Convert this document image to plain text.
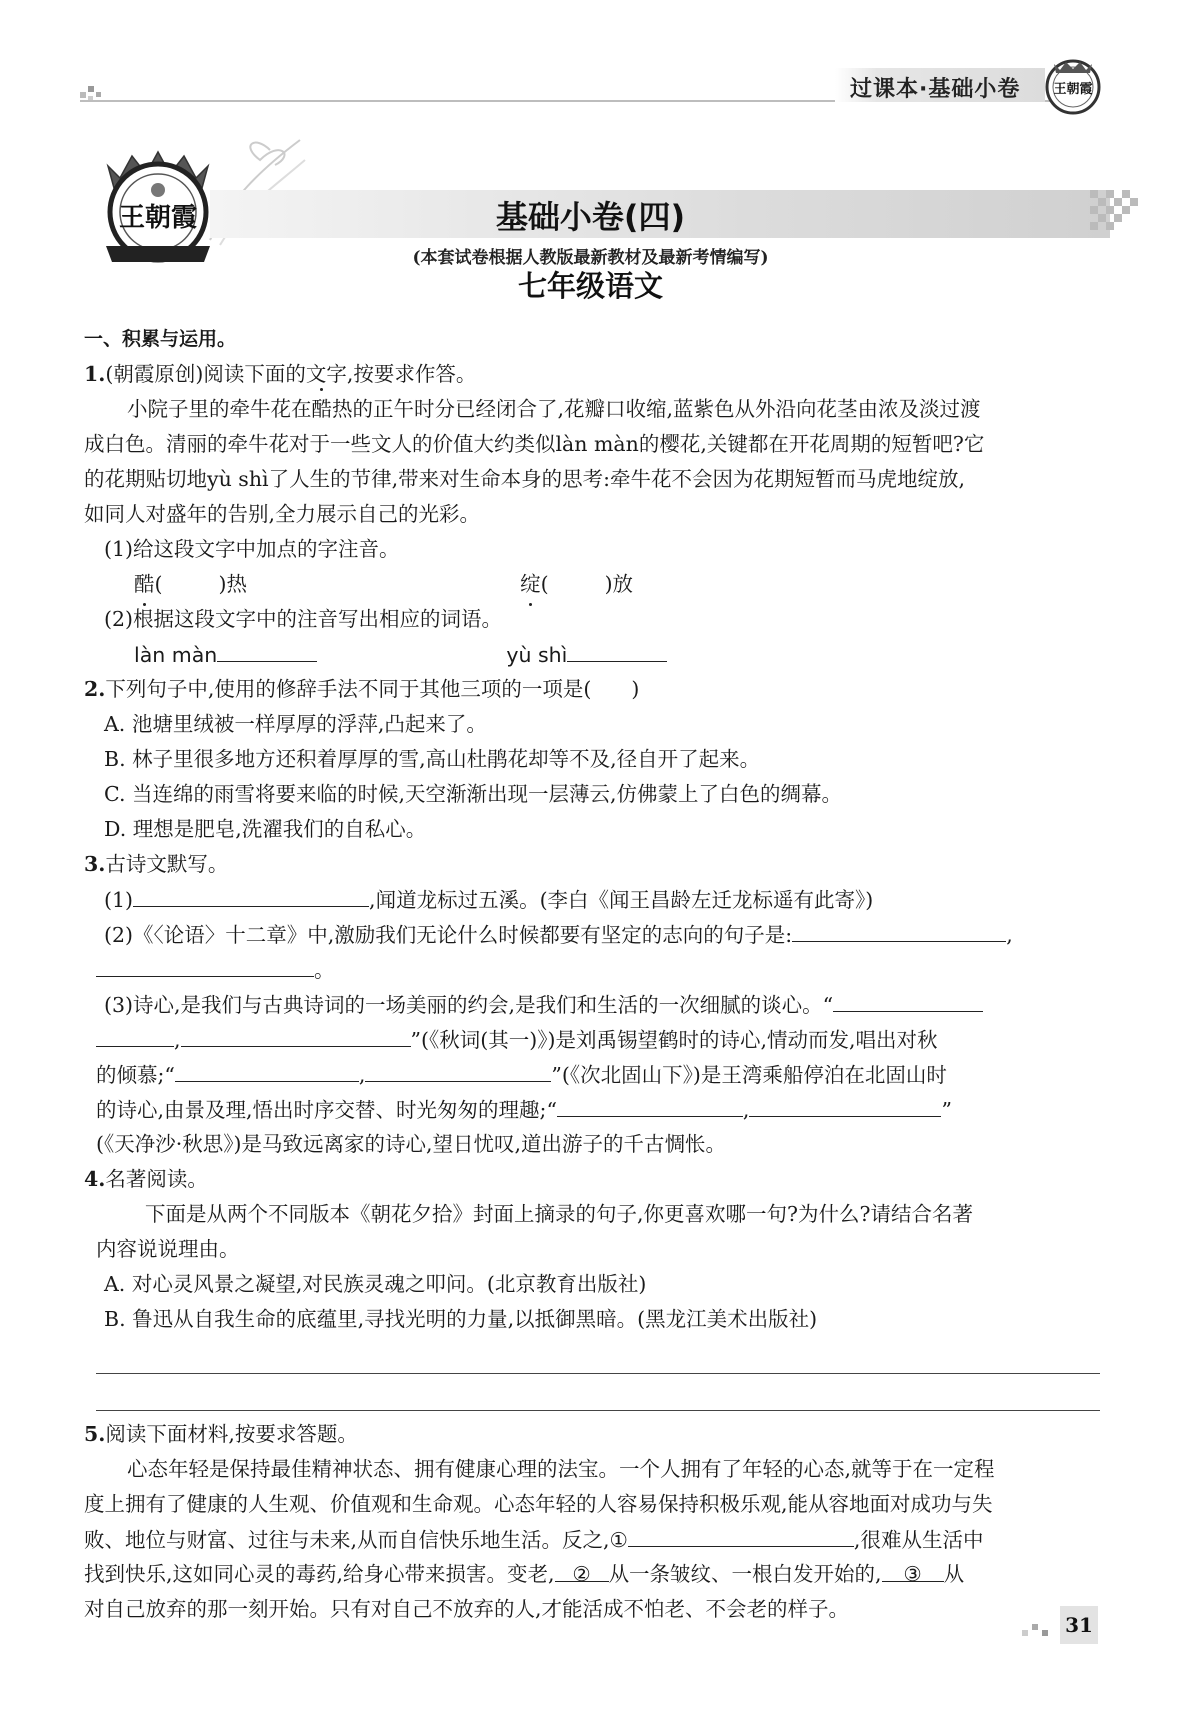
过课本·基础小卷	王朝霞
王朝霞	基础小卷(四)
(本套试卷根据人教版最新教材及最新考情编写)
七年级语文
一、积累与运用。
1.(朝霞原创)阅读下面的文字,按要求作答。
小院子里的牵牛花在酷热的正午时分已经闭合了,花瓣口收缩,蓝紫色从外沿向花茎由浓及淡过渡
成白色。清丽的牵牛花对于一些文人的价值大约类似làn màn的樱花,关键都在开花周期的短暂吧?它
的花期贴切地yù shì了人生的节律,带来对生命本身的思考:牵牛花不会因为花期短暂而马虎地绽放,
如同人对盛年的告别,全力展示自己的光彩。
(1)给这段文字中加点的字注音。
酷(	)热	绽(	)放
(2)根据这段文字中的注音写出相应的词语。
làn màn	yù shì
2.下列句子中,使用的修辞手法不同于其他三项的一项是( )
A. 池塘里绒被一样厚厚的浮萍,凸起来了。
B. 林子里很多地方还积着厚厚的雪,高山杜鹃花却等不及,径自开了起来。
C. 当连绵的雨雪将要来临的时候,天空渐渐出现一层薄云,仿佛蒙上了白色的绸幕。
D. 理想是肥皂,洗濯我们的自私心。
3.古诗文默写。
(1)	,闻道龙标过五溪。(李白《闻王昌龄左迁龙标遥有此寄》)
(2)《〈论语〉十二章》中,激励我们无论什么时候都要有坚定的志向的句子是:	,
。
(3)诗心,是我们与古典诗词的一场美丽的约会,是我们和生活的一次细腻的谈心。“
,	”(《秋词(其一)》)是刘禹锡望鹤时的诗心,情动而发,唱出对秋
的倾慕;“	,	”(《次北固山下》)是王湾乘船停泊在北固山时
的诗心,由景及理,悟出时序交替、时光匆匆的理趣;“	,	”
(《天净沙·秋思》)是马致远离家的诗心,望日忧叹,道出游子的千古惆怅。
4.名著阅读。
下面是从两个不同版本《朝花夕拾》封面上摘录的句子,你更喜欢哪一句?为什么?请结合名著
内容说说理由。
A. 对心灵风景之凝望,对民族灵魂之叩问。(北京教育出版社)
B. 鲁迅从自我生命的底蕴里,寻找光明的力量,以抵御黑暗。(黑龙江美术出版社)
5.阅读下面材料,按要求答题。
心态年轻是保持最佳精神状态、拥有健康心理的法宝。一个人拥有了年轻的心态,就等于在一定程
度上拥有了健康的人生观、价值观和生命观。心态年轻的人容易保持积极乐观,能从容地面对成功与失
败、地位与财富、过往与未来,从而自信快乐地生活。反之,①	,很难从生活中
找到快乐,这如同心灵的毒药,给身心带来损害。变老, ② 从一条皱纹、一根白发开始的, ③ 从
对自己放弃的那一刻开始。只有对自己不放弃的人,才能活成不怕老、不会老的样子。
31
